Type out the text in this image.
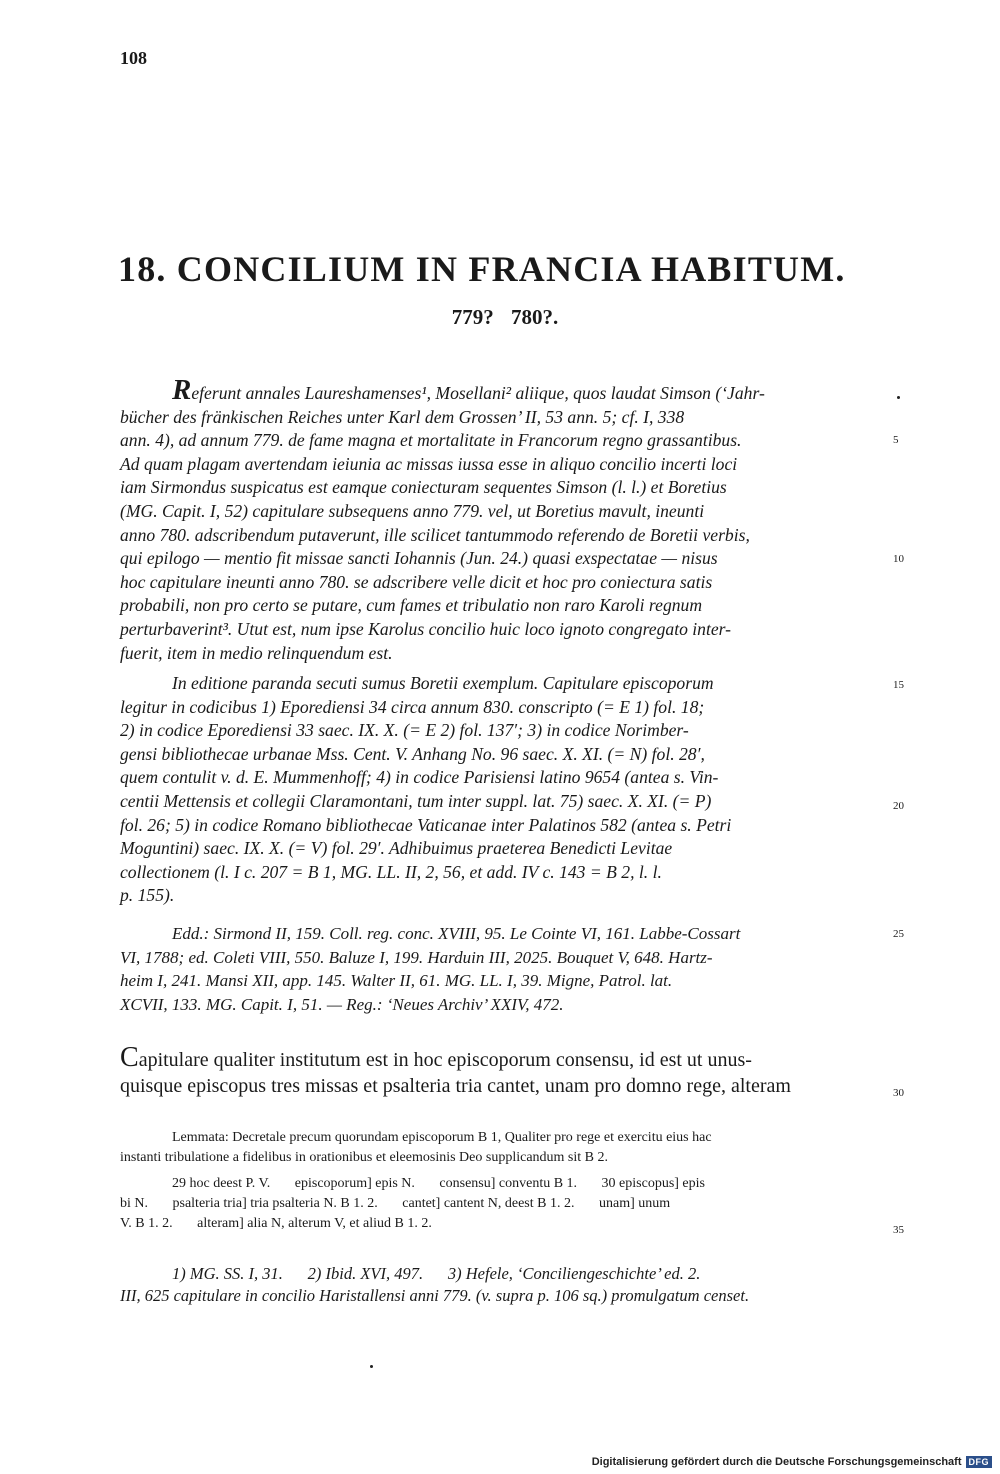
108
18. CONCILIUM IN FRANCIA HABITUM.
779? 780?.
Referunt annales Laureshamenses¹, Mosellani² aliique, quos laudat Simson (‘Jahr-
bücher des fränkischen Reiches unter Karl dem Grossen’ II, 53 ann. 5; cf. I, 338
ann. 4), ad annum 779. de fame magna et mortalitate in Francorum regno grassantibus.
Ad quam plagam avertendam ieiunia ac missas iussa esse in aliquo concilio incerti loci
iam Sirmondus suspicatus est eamque coniecturam sequentes Simson (l. l.) et Boretius
(MG. Capit. I, 52) capitulare subsequens anno 779. vel, ut Boretius mavult, ineunti
anno 780. adscribendum putaverunt, ille scilicet tantummodo referendo de Boretii verbis,
qui epilogo — mentio fit missae sancti Iohannis (Jun. 24.) quasi exspectatae — nisus
hoc capitulare ineunti anno 780. se adscribere velle dicit et hoc pro coniectura satis
probabili, non pro certo se putare, cum fames et tribulatio non raro Karoli regnum
perturbaverint³. Utut est, num ipse Karolus concilio huic loco ignoto congregato inter-
fuerit, item in medio relinquendum est.
In editione paranda secuti sumus Boretii exemplum. Capitulare episcoporum
legitur in codicibus 1) Eporediensi 34 circa annum 830. conscripto (= E 1) fol. 18;
2) in codice Eporediensi 33 saec. IX. X. (= E 2) fol. 137′; 3) in codice Norimber-
gensi bibliothecae urbanae Mss. Cent. V. Anhang No. 96 saec. X. XI. (= N) fol. 28′,
quem contulit v. d. E. Mummenhoff; 4) in codice Parisiensi latino 9654 (antea s. Vin-
centii Mettensis et collegii Claramontani, tum inter suppl. lat. 75) saec. X. XI. (= P)
fol. 26; 5) in codice Romano bibliothecae Vaticanae inter Palatinos 582 (antea s. Petri
Moguntini) saec. IX. X. (= V) fol. 29′. Adhibuimus praeterea Benedicti Levitae
collectionem (l. I c. 207 = B 1, MG. LL. II, 2, 56, et add. IV c. 143 = B 2, l. l.
p. 155).
Edd.: Sirmond II, 159. Coll. reg. conc. XVIII, 95. Le Cointe VI, 161. Labbe-Cossart
VI, 1788; ed. Coleti VIII, 550. Baluze I, 199. Harduin III, 2025. Bouquet V, 648. Hartz-
heim I, 241. Mansi XII, app. 145. Walter II, 61. MG. LL. I, 39. Migne, Patrol. lat.
XCVII, 133. MG. Capit. I, 51. — Reg.: ‘Neues Archiv’ XXIV, 472.
Capitulare qualiter institutum est in hoc episcoporum consensu, id est ut unus-
quisque episcopus tres missas et psalteria tria cantet, unam pro domno rege, alteram
Lemmata: Decretale precum quorundam episcoporum B 1, Qualiter pro rege et exercitu eius hac
instanti tribulatione a fidelibus in orationibus et eleemosinis Deo supplicandum sit B 2.
29 hoc deest P. V.       episcoporum] epis N.       consensu] conventu B 1.       30 episcopus] epis
bi N.       psalteria tria] tria psalteria N. B 1. 2.       cantet] cantent N, deest B 1. 2.       unam] unum
V. B 1. 2.       alteram] alia N, alterum V, et aliud B 1. 2.
1) MG. SS. I, 31.      2) Ibid. XVI, 497.      3) Hefele, ‘Conciliengeschichte’ ed. 2.
III, 625 capitulare in concilio Haristallensi anni 779. (v. supra p. 106 sq.) promulgatum censet.
5
10
15
20
25
30
35
Digitalisierung gefördert durch die Deutsche Forschungsgemeinschaft DFG
